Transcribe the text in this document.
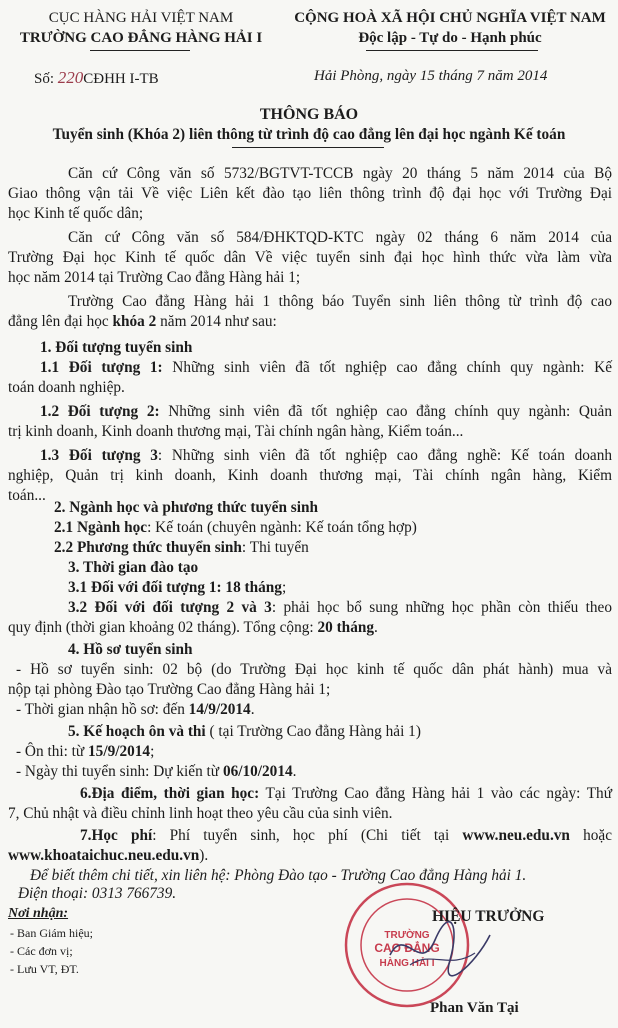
CỤC HÀNG HẢI VIỆT NAM
TRƯỜNG CAO ĐẲNG HÀNG HẢI I
CỘNG HOÀ XÃ HỘI CHỦ NGHĨA VIỆT NAM
Độc lập - Tự do - Hạnh phúc
Số: 220CĐHH I-TB	Hải Phòng, ngày 15 tháng 7 năm 2014
THÔNG BÁO
Tuyển sinh (Khóa 2) liên thông từ trình độ cao đẳng lên đại học ngành Kế toán
Căn cứ Công văn số 5732/BGTVT-TCCB ngày 20 tháng 5 năm 2014 của Bộ
Giao thông vận tải Về việc Liên kết đào tạo liên thông trình độ đại học với Trường Đại
học Kinh tế quốc dân;
Căn cứ Công văn số 584/ĐHKTQD-KTC ngày 02 tháng 6 năm 2014 của
Trường Đại học Kinh tế quốc dân Về việc tuyển sinh đại học hình thức vừa làm vừa
học năm 2014 tại Trường Cao đẳng Hàng hải 1;
Trường Cao đẳng Hàng hải 1 thông báo Tuyển sinh liên thông từ trình độ cao
đẳng lên đại học khóa 2 năm 2014 như sau:
1. Đối tượng tuyển sinh
1.1 Đối tượng 1: Những sinh viên đã tốt nghiệp cao đẳng chính quy ngành: Kế
toán doanh nghiệp.
1.2 Đối tượng 2: Những sinh viên đã tốt nghiệp cao đẳng chính quy ngành: Quản
trị kinh doanh, Kinh doanh thương mại, Tài chính ngân hàng, Kiểm toán...
1.3 Đối tượng 3: Những sinh viên đã tốt nghiệp cao đẳng nghề: Kế toán doanh
nghiệp, Quản trị kinh doanh, Kinh doanh thương mại, Tài chính ngân hàng, Kiểm
toán...
2. Ngành học và phương thức tuyển sinh
2.1 Ngành học: Kế toán (chuyên ngành: Kế toán tổng hợp)
2.2 Phương thức thuyển sinh: Thi tuyển
3. Thời gian đào tạo
3.1 Đối với đối tượng 1: 18 tháng;
3.2 Đối với đối tượng 2 và 3: phải học bổ sung những học phần còn thiếu theo
quy định (thời gian khoảng 02 tháng). Tổng cộng: 20 tháng.
4. Hồ sơ tuyển sinh
- Hồ sơ tuyển sinh: 02 bộ (do Trường Đại học kinh tế quốc dân phát hành) mua và
nộp tại phòng Đào tạo Trường Cao đẳng Hàng hải 1;
- Thời gian nhận hồ sơ: đến 14/9/2014.
5. Kế hoạch ôn và thi ( tại Trường Cao đẳng Hàng hải 1)
- Ôn thi: từ 15/9/2014;
- Ngày thi tuyển sinh: Dự kiến từ 06/10/2014.
6.Địa điểm, thời gian học: Tại Trường Cao đẳng Hàng hải 1 vào các ngày: Thứ
7, Chủ nhật và điều chỉnh linh hoạt theo yêu cầu của sinh viên.
7.Học phí: Phí tuyển sinh, học phí (Chi tiết tại www.neu.edu.vn hoặc
www.khoataichuc.neu.edu.vn).
Để biết thêm chi tiết, xin liên hệ: Phòng Đào tạo - Trường Cao đẳng Hàng hải 1.
Điện thoại: 0313 766739.
Nơi nhận:
- Ban Giám hiệu;
- Các đơn vị;
- Lưu VT, ĐT.
TRƯỜNG
CAO ĐẲNG
HÀNG HẢI I
HIỆU TRƯỞNG
Phan Văn Tại
